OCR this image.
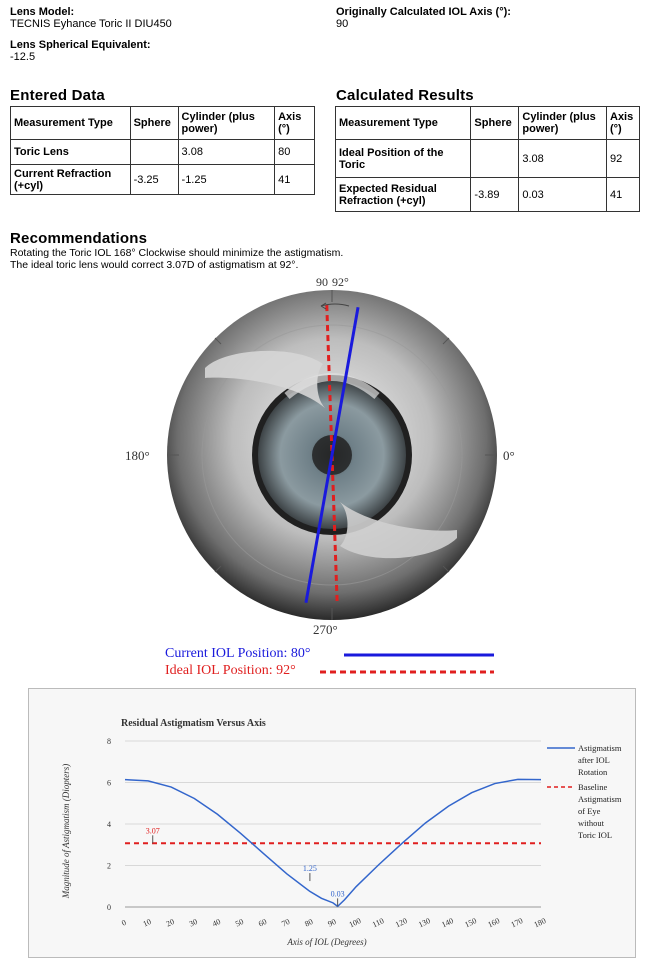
Lens Model:
TECNIS Eyhance Toric II DIU450
Originally Calculated IOL Axis (°):
90
Lens Spherical Equivalent:
-12.5
Entered Data
Measurement Type	Sphere	Cylinder (plus power)	Axis (°)
Toric Lens		3.08	80
Current Refraction (+cyl)	-3.25	-1.25	41
Calculated Results
Measurement Type	Sphere	Cylinder (plus power)	Axis (°)
Ideal Position of the Toric		3.08	92
Expected Residual Refraction (+cyl)	-3.89	0.03	41
Recommendations
Rotating the Toric IOL 168° Clockwise should minimize the astigmatism.
The ideal toric lens would correct 3.07D of astigmatism at 92°.
90 92°
180°	0°
270°
Current IOL Position: 80°
Ideal IOL Position: 92°
Residual Astigmatism Versus Axis
0
2
4
6
8
0 10 20 30 40 50 60 70 80 90 100 110 120 130 140 150 160 170 180
3.07
1.25
0.03
Axis of IOL (Degrees)
Magnitude of Astigmatism (Diopters)
Astigmatism
after IOL
Rotation
Baseline
Astigmatism
of Eye
without
Toric IOL
